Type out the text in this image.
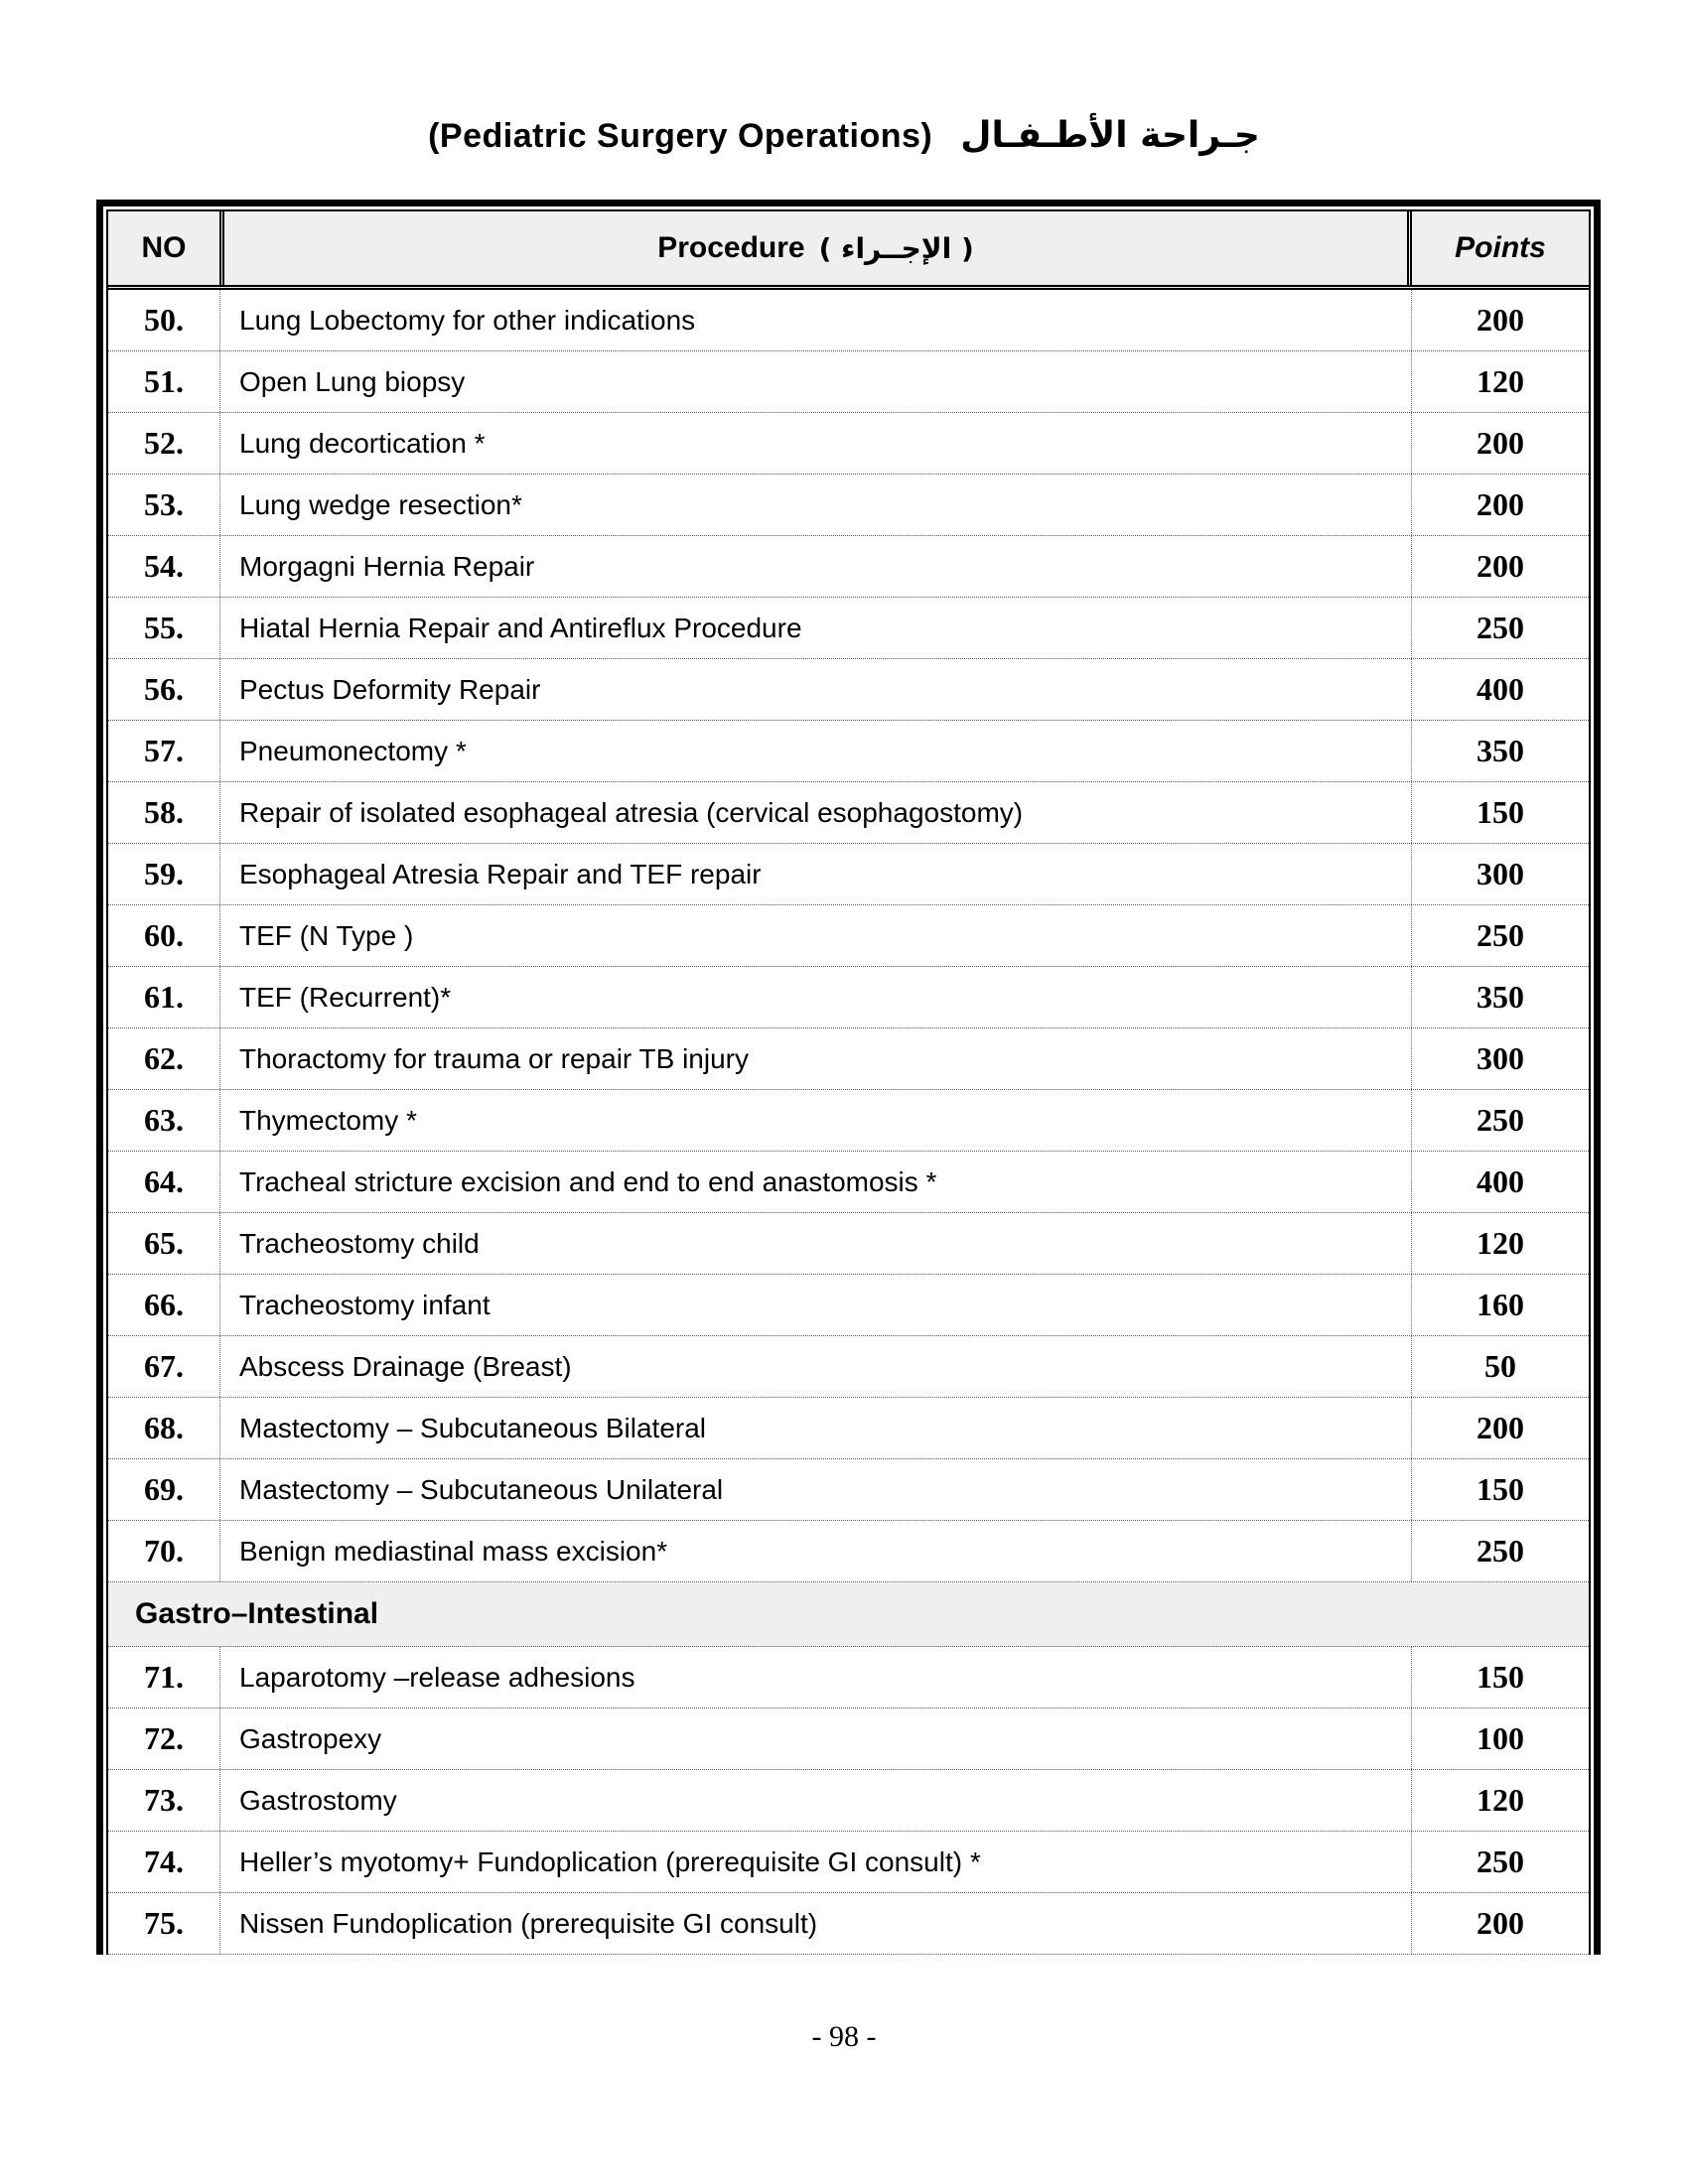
(Pediatric Surgery Operations) جـراحة الأطـفـال
NO	Procedure ( الإجــراء )	Points
50.	Lung Lobectomy for other indications	200
51.	Open Lung biopsy	120
52.	Lung decortication *	200
53.	Lung wedge resection*	200
54.	Morgagni Hernia Repair	200
55.	Hiatal Hernia Repair and Antireflux Procedure	250
56.	Pectus Deformity Repair	400
57.	Pneumonectomy *	350
58.	Repair of isolated esophageal atresia (cervical esophagostomy)	150
59.	Esophageal Atresia Repair and TEF repair	300
60.	TEF (N Type )	250
61.	TEF (Recurrent)*	350
62.	Thoractomy for trauma or repair TB injury	300
63.	Thymectomy *	250
64.	Tracheal stricture excision and end to end anastomosis *	400
65.	Tracheostomy child	120
66.	Tracheostomy infant	160
67.	Abscess Drainage (Breast)	50
68.	Mastectomy – Subcutaneous Bilateral	200
69.	Mastectomy – Subcutaneous Unilateral	150
70.	Benign mediastinal mass excision*	250
Gastro–Intestinal
71.	Laparotomy –release adhesions	150
72.	Gastropexy	100
73.	Gastrostomy	120
74.	Heller’s myotomy+ Fundoplication (prerequisite GI consult) *	250
75.	Nissen Fundoplication (prerequisite GI consult)	200
- 98 -
